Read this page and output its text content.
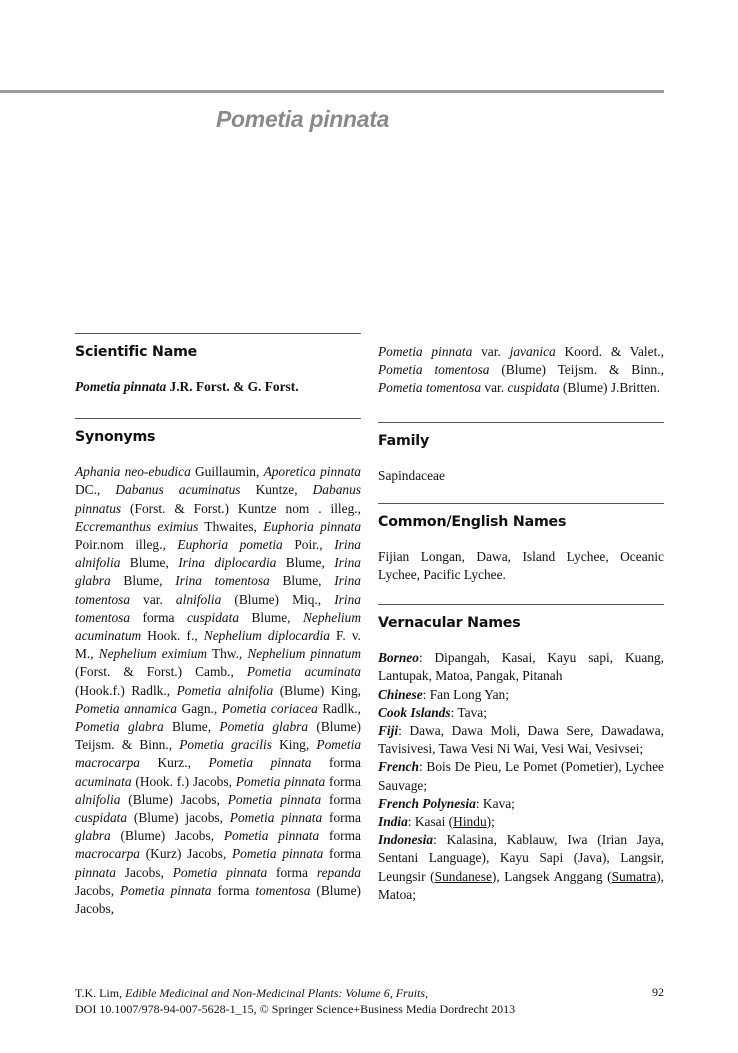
Pometia pinnata
Scientific Name

Pometia pinnata J.R. Forst. & G. Forst.

Synonyms

Aphania neo-ebudica Guillaumin, Aporetica pinnata DC., Dabanus acuminatus Kuntze, Dabanus pinnatus (Forst. & Forst.) Kuntze nom . illeg., Eccremanthus eximius Thwaites, Euphoria pinnata Poir.nom illeg., Euphoria pometia Poir., Irina alnifolia Blume, Irina diplocardia Blume, Irina glabra Blume, Irina tomentosa Blume, Irina tomentosa var. alnifolia (Blume) Miq., Irina tomentosa forma cuspidata Blume, Nephelium acuminatum Hook. f., Nephelium diplocardia F. v. M., Nephelium eximium Thw., Nephelium pinnatum (Forst. & Forst.) Camb., Pometia acuminata (Hook.f.) Radlk., Pometia alnifolia (Blume) King, Pometia annamica Gagn., Pometia coriacea Radlk., Pometia glabra Blume, Pometia glabra (Blume) Teijsm. & Binn., Pometia gracilis King, Pometia macrocarpa Kurz., Pometia pinnata forma acuminata (Hook. f.) Jacobs, Pometia pinnata forma alnifolia (Blume) Jacobs, Pometia pinnata forma cuspidata (Blume) jacobs, Pometia pinnata forma glabra (Blume) Jacobs, Pometia pinnata forma macrocarpa (Kurz) Jacobs, Pometia pinnata forma pinnata Jacobs, Pometia pinnata forma repanda Jacobs, Pometia pinnata forma tomentosa (Blume) Jacobs,

Pometia pinnata var. javanica Koord. & Valet., Pometia tomentosa (Blume) Teijsm. & Binn., Pometia tomentosa var. cuspidata (Blume) J.Britten.

Family

Sapindaceae

Common/English Names

Fijian Longan, Dawa, Island Lychee, Oceanic Lychee, Pacific Lychee.

Vernacular Names

Borneo: Dipangah, Kasai, Kayu sapi, Kuang, Lantupak, Matoa, Pangak, Pitanah

Chinese: Fan Long Yan;

Cook Islands: Tava;

Fiji: Dawa, Dawa Moli, Dawa Sere, Dawadawa, Tavisivesi, Tawa Vesi Ni Wai, Vesi Wai, Vesivsei;

French: Bois De Pieu, Le Pomet (Pometier), Lychee Sauvage;

French Polynesia: Kava;

India: Kasai (Hindu);

Indonesia: Kalasina, Kablauw, Iwa (Irian Jaya, Sentani Language), Kayu Sapi (Java), Langsir, Leungsir (Sundanese), Langsek Anggang (Sumatra), Matoa;

T.K. Lim, Edible Medicinal and Non-Medicinal Plants: Volume 6, Fruits,
DOI 10.1007/978-94-007-5628-1_15, © Springer Science+Business Media Dordrecht 2013
92
